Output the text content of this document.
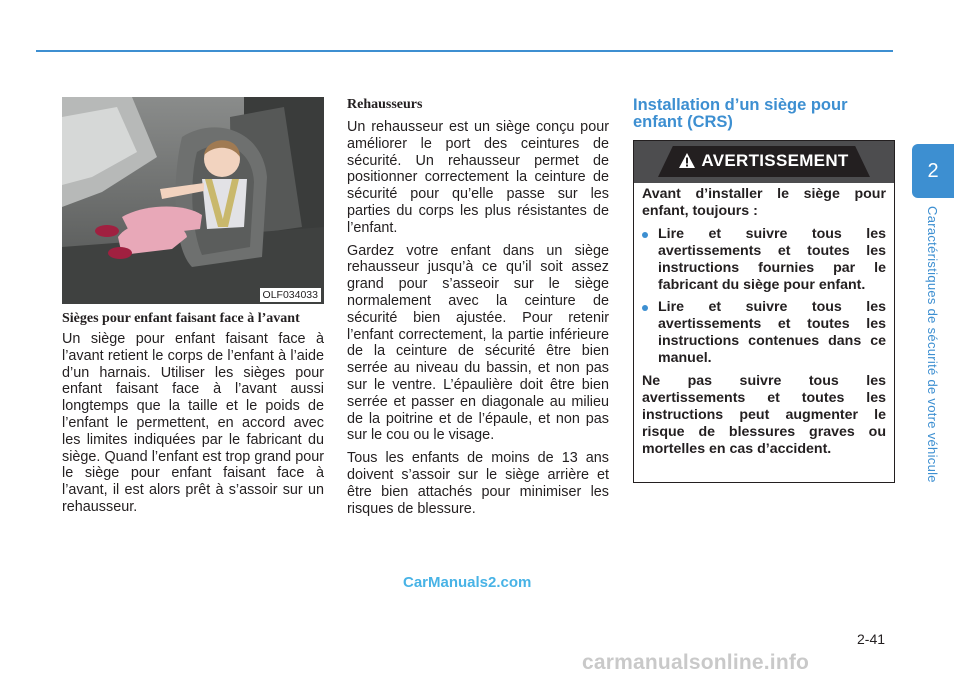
OLF034033
Sièges pour enfant faisant face à l’avant

Un siège pour enfant faisant face à l’avant retient le corps de l’enfant à l’aide d’un harnais. Utiliser les sièges pour enfant faisant face à l’avant aussi longtemps que la taille et le poids de l’enfant le permettent, en accord avec les limites indiquées par le fabricant du siège. Quand l’enfant est trop grand pour le siège pour enfant faisant face à l’avant, il est alors prêt à s’assoir sur un rehausseur.

Rehausseurs

Un rehausseur est un siège conçu pour améliorer le port des ceintures de sécurité. Un rehausseur permet de positionner correctement la ceinture de sécurité pour qu’elle passe sur les parties du corps les plus résistantes de l’enfant.

Gardez votre enfant dans un siège rehausseur jusqu’à ce qu’il soit assez grand pour s’asseoir sur le siège normalement avec la ceinture de sécurité bien ajustée. Pour retenir l’enfant correctement, la partie inférieure de la ceinture de sécurité être bien serrée au niveau du bassin, et non pas sur le ventre. L’épaulière doit être bien serrée et passer en diagonale au milieu de la poitrine et de l’épaule, et non pas sur le cou ou le visage.

Tous les enfants de moins de 13 ans doivent s’assoir sur le siège arrière et être bien attachés pour minimiser les risques de blessure.

Installation d’un siège pour enfant (CRS)
AVERTISSEMENT

Avant d’installer le siège pour enfant, toujours :

Lire et suivre tous les avertissements et toutes les instructions fournies par le fabricant du siège pour enfant.
Lire et suivre tous les avertissements et toutes les instructions contenues dans ce manuel.

Ne pas suivre tous les avertissements et toutes les instructions peut augmenter le risque de blessures graves ou mortelles en cas d’accident.

2
Caractéristiques de sécurité de votre véhicule
CarManuals2.com
2-41
carmanualsonline.info
